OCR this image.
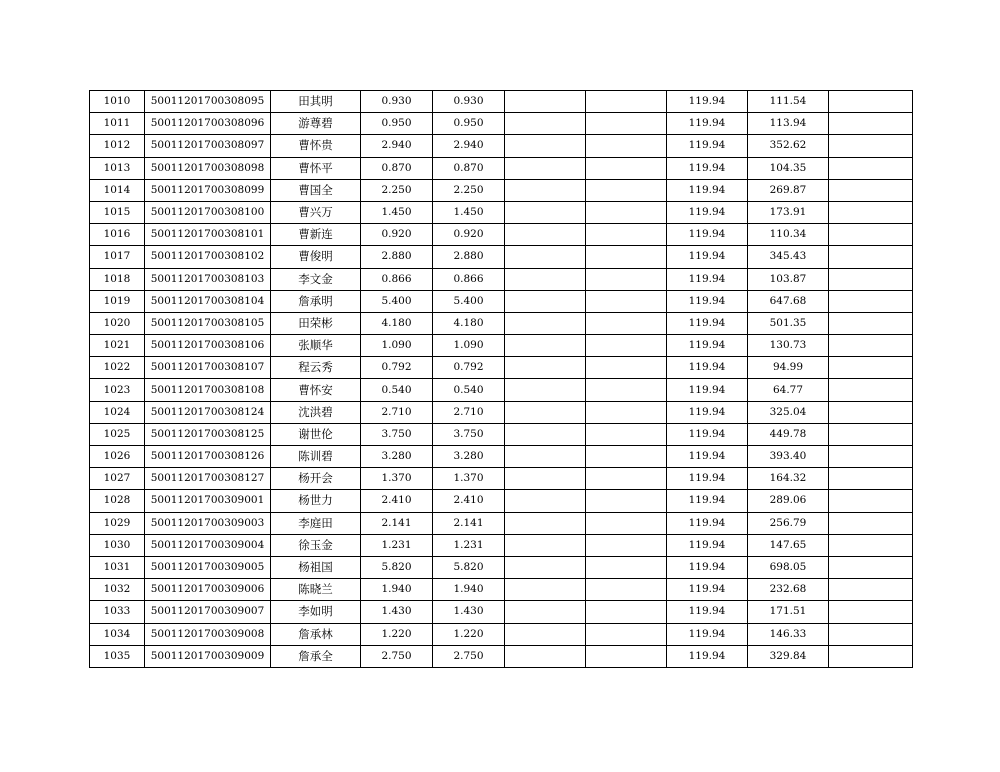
1010	50011201700308095	田其明	0.930	0.930			119.94	111.54	
1011	50011201700308096	游尊碧	0.950	0.950			119.94	113.94	
1012	50011201700308097	曹怀贵	2.940	2.940			119.94	352.62	
1013	50011201700308098	曹怀平	0.870	0.870			119.94	104.35	
1014	50011201700308099	曹国全	2.250	2.250			119.94	269.87	
1015	50011201700308100	曹兴万	1.450	1.450			119.94	173.91	
1016	50011201700308101	曹新连	0.920	0.920			119.94	110.34	
1017	50011201700308102	曹俊明	2.880	2.880			119.94	345.43	
1018	50011201700308103	李文金	0.866	0.866			119.94	103.87	
1019	50011201700308104	詹承明	5.400	5.400			119.94	647.68	
1020	50011201700308105	田荣彬	4.180	4.180			119.94	501.35	
1021	50011201700308106	张顺华	1.090	1.090			119.94	130.73	
1022	50011201700308107	程云秀	0.792	0.792			119.94	94.99	
1023	50011201700308108	曹怀安	0.540	0.540			119.94	64.77	
1024	50011201700308124	沈洪碧	2.710	2.710			119.94	325.04	
1025	50011201700308125	谢世伦	3.750	3.750			119.94	449.78	
1026	50011201700308126	陈训碧	3.280	3.280			119.94	393.40	
1027	50011201700308127	杨开会	1.370	1.370			119.94	164.32	
1028	50011201700309001	杨世力	2.410	2.410			119.94	289.06	
1029	50011201700309003	李庭田	2.141	2.141			119.94	256.79	
1030	50011201700309004	徐玉金	1.231	1.231			119.94	147.65	
1031	50011201700309005	杨祖国	5.820	5.820			119.94	698.05	
1032	50011201700309006	陈晓兰	1.940	1.940			119.94	232.68	
1033	50011201700309007	李如明	1.430	1.430			119.94	171.51	
1034	50011201700309008	詹承林	1.220	1.220			119.94	146.33	
1035	50011201700309009	詹承全	2.750	2.750			119.94	329.84	
